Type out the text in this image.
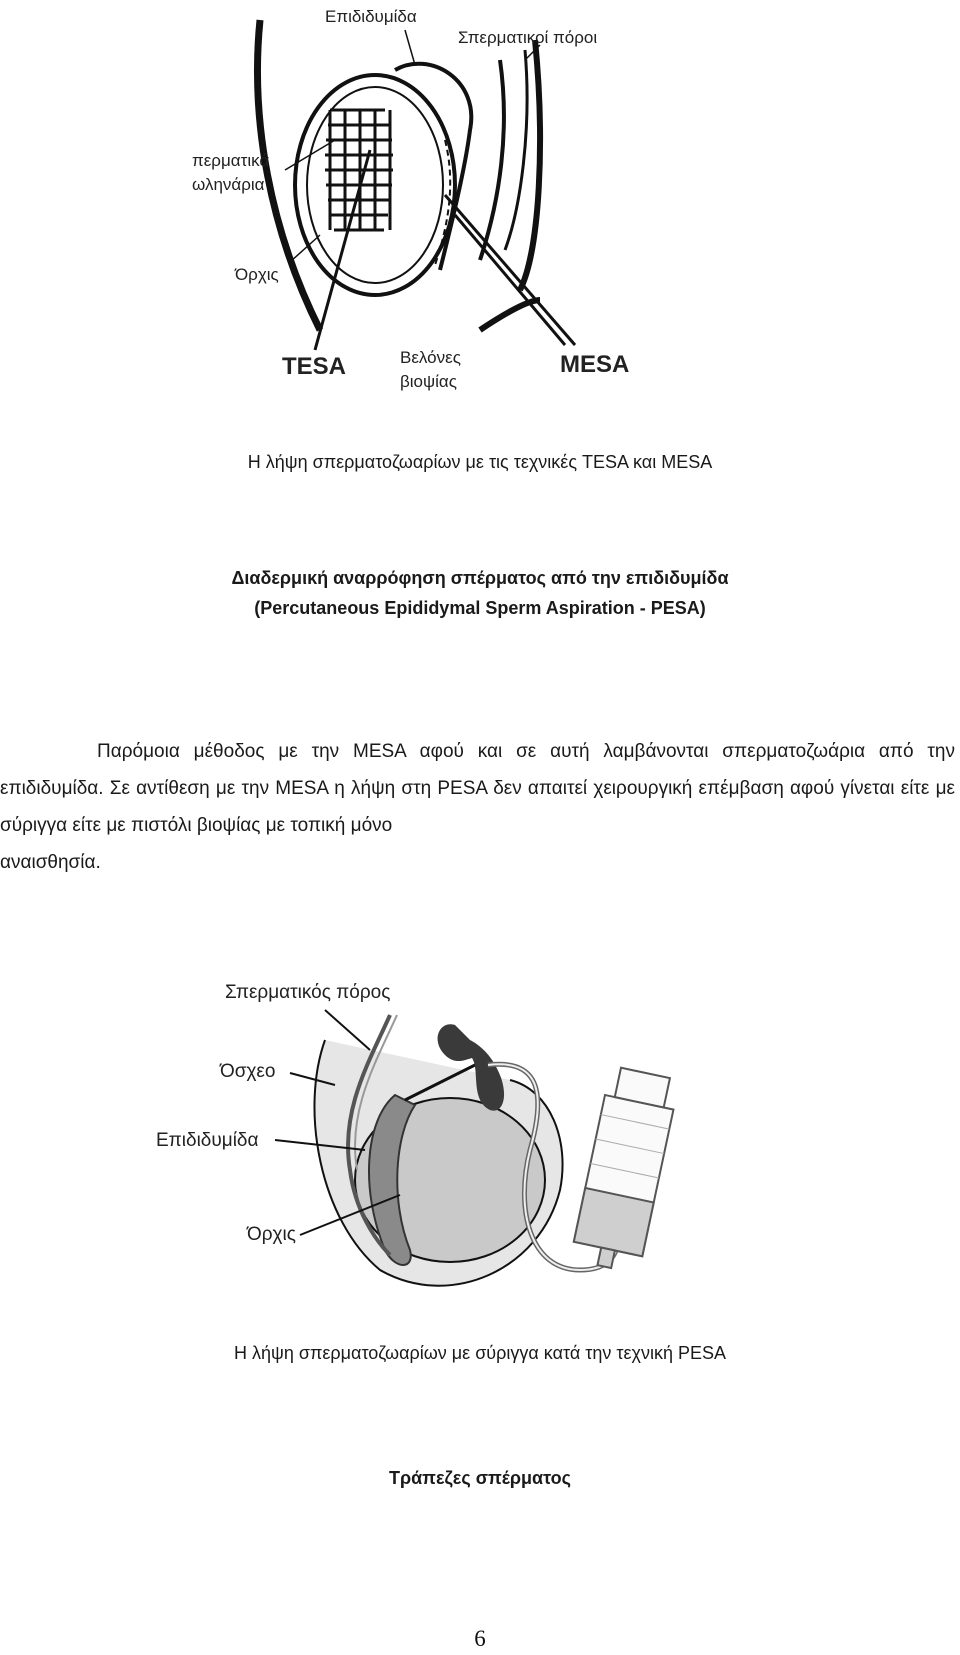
Επιδιδυμίδα
Σπερματικοί πόροι
περματικά
ωληνάρια
Όρχις
TESA	Βελόνες
βιοψίας
MESA
Η λήψη σπερματοζωαρίων με τις τεχνικές TESA και MESA
Διαδερμική αναρρόφηση σπέρματος από την επιδιδυμίδα
(Percutaneous Epididymal Sperm Aspiration - PESA)

Παρόμοια μέθοδος με την MESA αφού και σε αυτή λαμβάνονται σπερματοζωάρια από την επιδιδυμίδα. Σε αντίθεση με την MESA η λήψη στη PESA δεν απαιτεί χειρουργική επέμβαση αφού γίνεται είτε με σύριγγα είτε με πιστόλι βιοψίας με τοπική μόνο

αναισθησία.

Σπερματικός πόρος
Όσχεο
Επιδιδυμίδα
Όρχις
Η λήψη σπερματοζωαρίων με σύριγγα κατά την τεχνική PESA
Τράπεζες σπέρματος
6
